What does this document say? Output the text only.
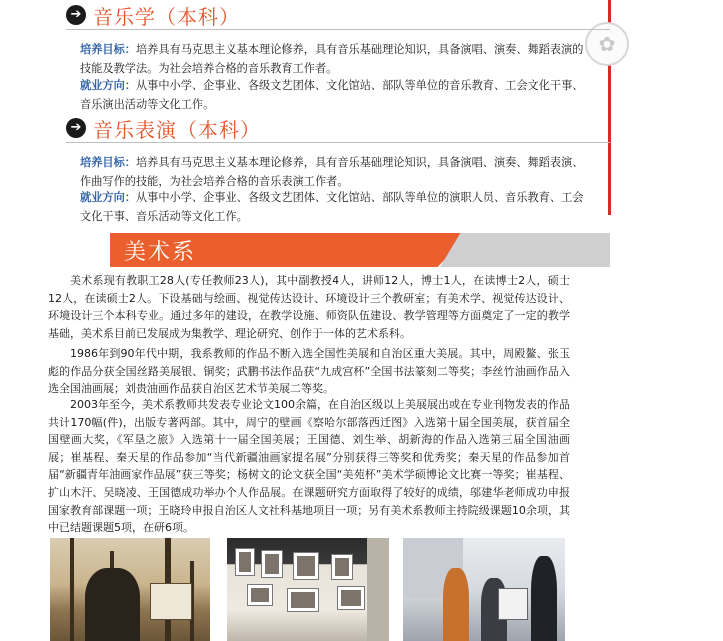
✿
➔ 音乐学（本科）
培养目标：培养具有马克思主义基本理论修养，具有音乐基础理论知识，具备演唱、演奏、舞蹈表演的技能及教学法。为社会培养合格的音乐教育工作者。
就业方向：从事中小学、企事业、各级文艺团体、文化馆站、部队等单位的音乐教育、工会文化干事、音乐演出活动等文化工作。
➔ 音乐表演（本科）
培养目标：培养具有马克思主义基本理论修养，具有音乐基础理论知识，具备演唱、演奏、舞蹈表演、作曲写作的技能，为社会培养合格的音乐表演工作者。
就业方向：从事中小学、企事业、各级文艺团体、文化馆站、部队等单位的演职人员、音乐教育、工会文化干事、音乐活动等文化工作。
美术系

美术系现有教职工28人(专任教师23人)，其中副教授4人，讲师12人，博士1人，在读博士2人，硕士12人，在读硕士2人。下设基础与绘画、视觉传达设计、环境设计三个教研室；有美术学、视觉传达设计、环境设计三个本科专业。通过多年的建设，在教学设施、师资队伍建设、教学管理等方面奠定了一定的教学基础，美术系目前已发展成为集教学、理论研究、创作于一体的艺术系科。

1986年到90年代中期，我系教师的作品不断入选全国性美展和自治区重大美展。其中，周殿鳌、张玉彪的作品分获全国丝路美展银、铜奖；武鹏书法作品获“九成宫杯”全国书法篆刻二等奖；李丝竹油画作品入选全国油画展；刘贵油画作品获自治区艺术节美展二等奖。

2003年至今，美术系教师共发表专业论文100余篇，在自治区级以上美展展出或在专业刊物发表的作品共计170幅(件)，出版专著两部。其中，周宁的壁画《察哈尔部落西迁图》入选第十届全国美展，获首届全国壁画大奖，《军垦之旅》入选第十一届全国美展；王国德、刘生举、胡新海的作品入选第三届全国油画展；崔基程、秦天星的作品参加“当代新疆油画家提名展”分别获得三等奖和优秀奖；秦天星的作品参加首届“新疆青年油画家作品展”获三等奖；杨树文的论文获全国“美苑杯”美术学硕博论文比赛一等奖；崔基程、扩山木汗、吴晓凌、王国德成功举办个人作品展。在课题研究方面取得了较好的成绩，邬建华老师成功申报国家教育部课题一项；王晓玲申报自治区人文社科基地项目一项；另有美术系教师主持院级课题10余项，其中已结题课题5项，在研6项。
